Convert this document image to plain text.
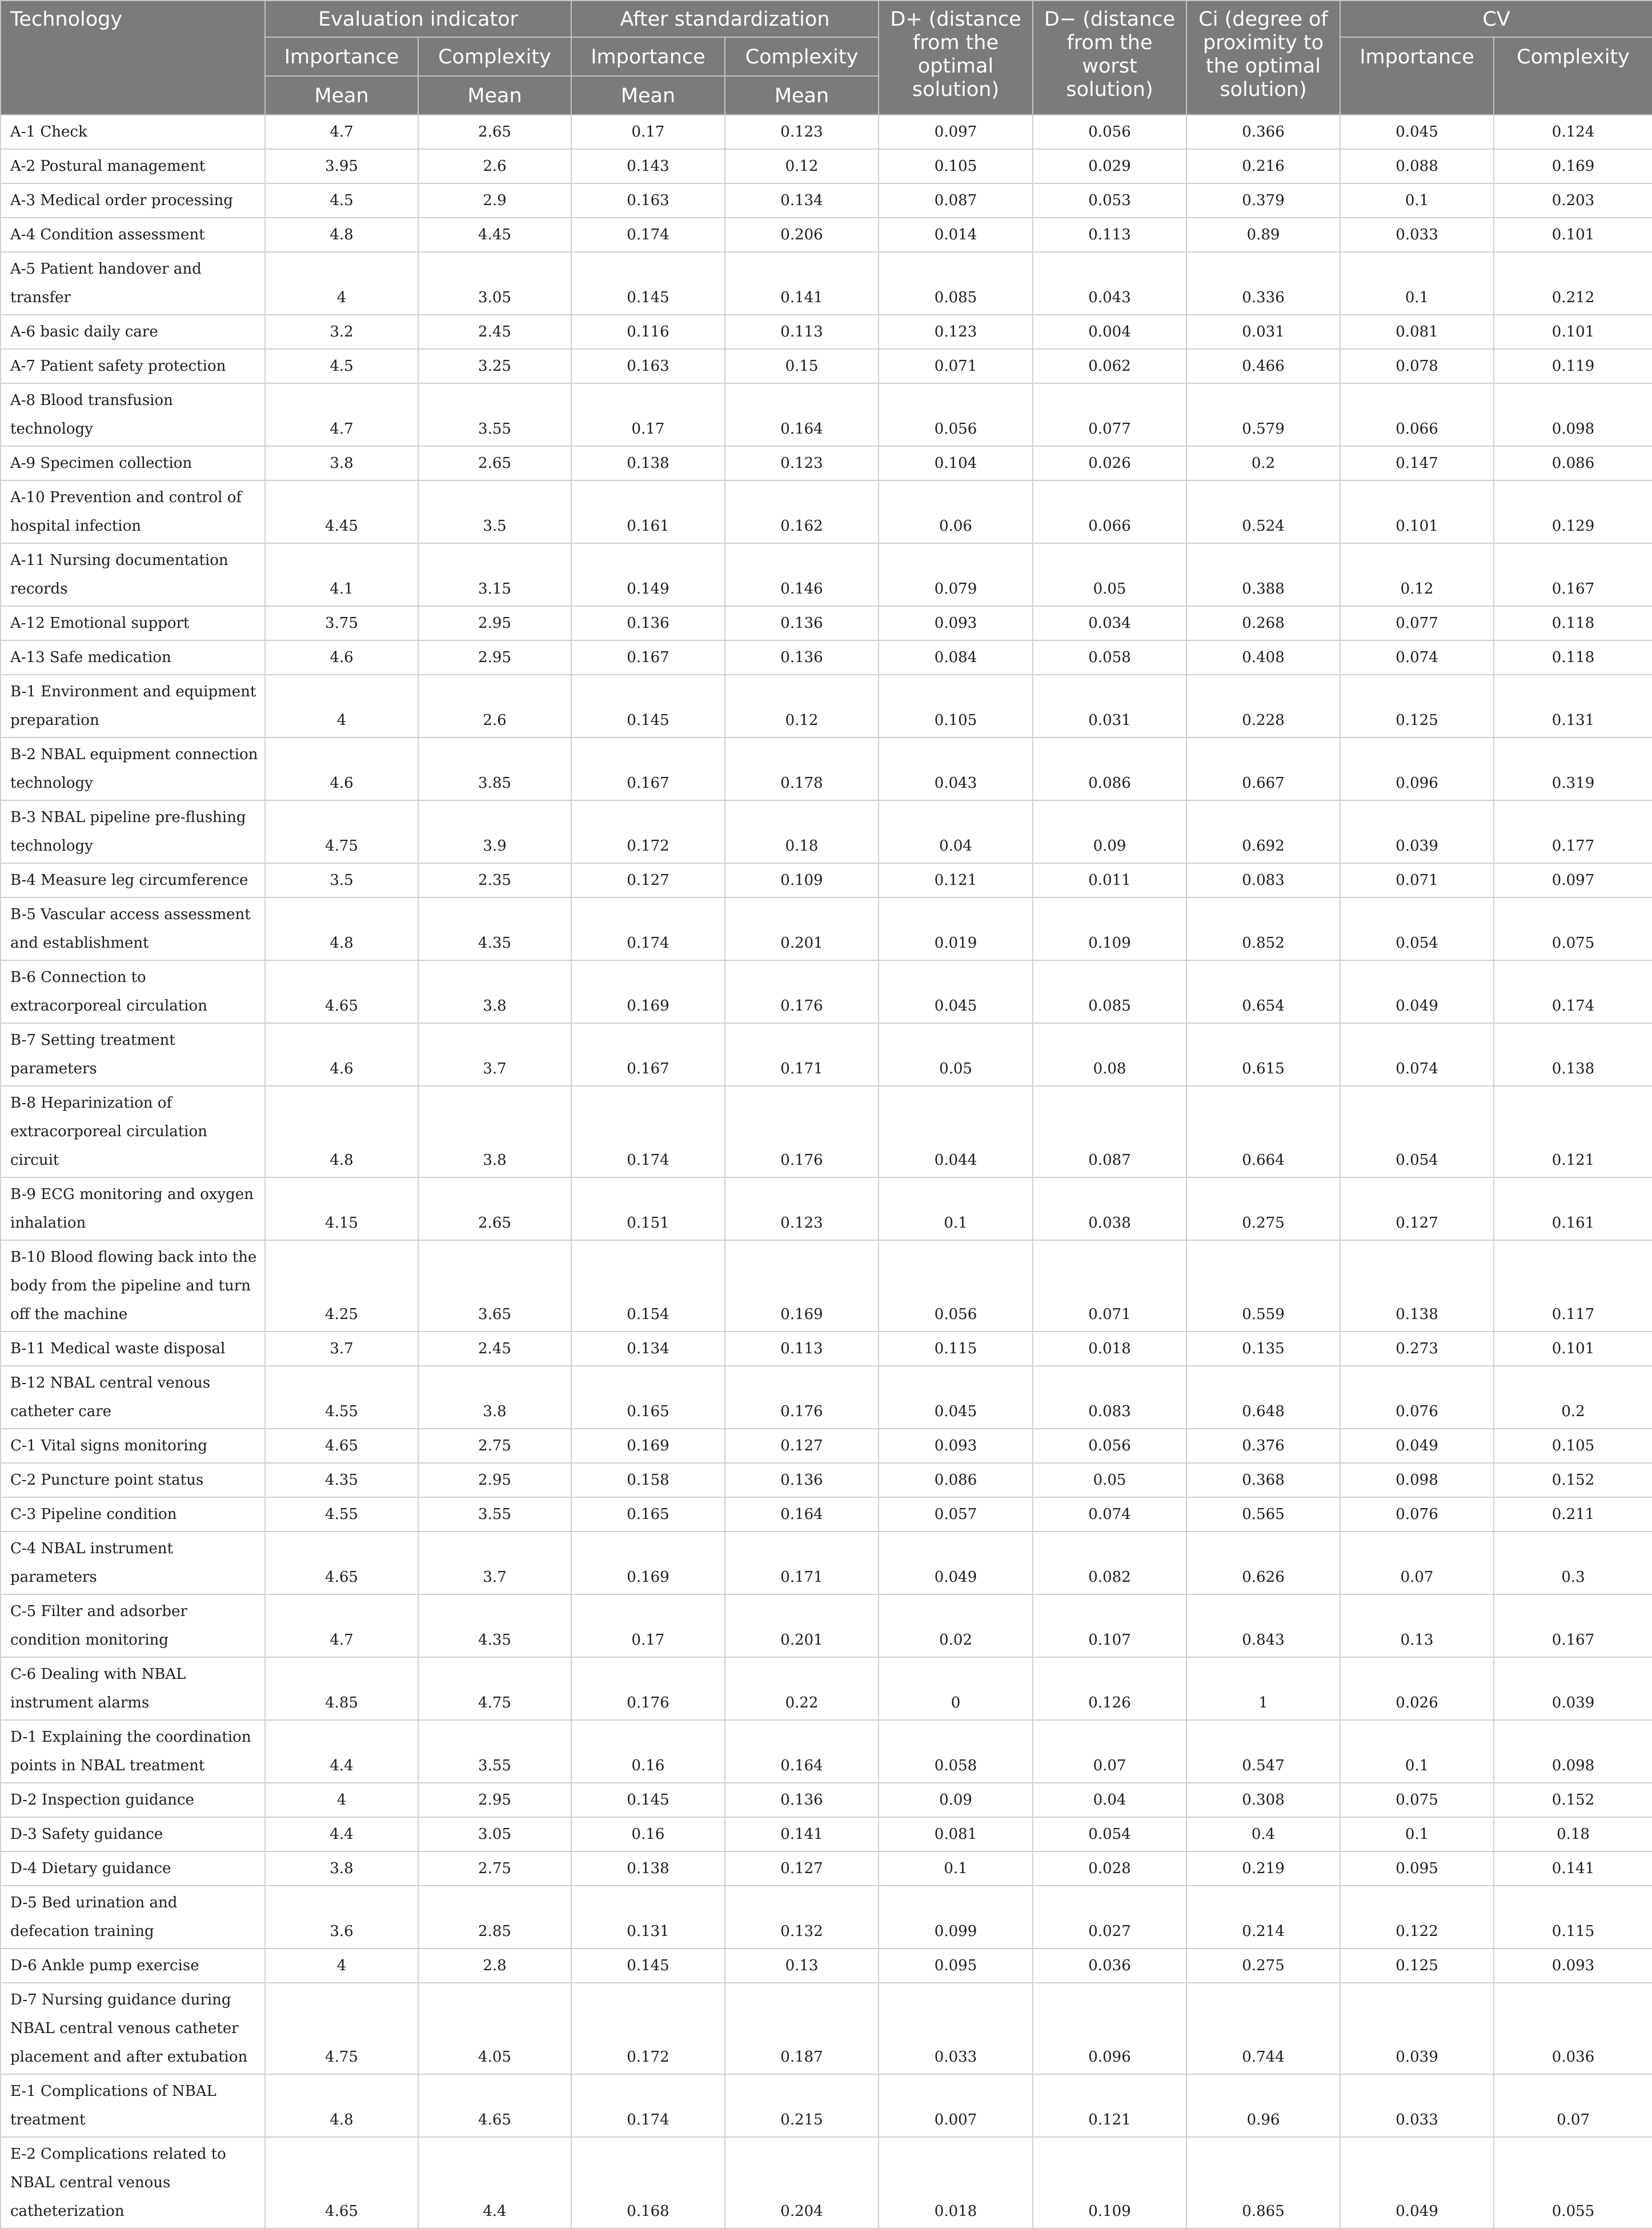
Technology	Evaluation indicator		After standardization		D+ (distance from the optimal solution)	D− (distance from the worst solution)	Ci (degree of proximity to the optimal solution)	CV	
	Importance	Complexity	Importance	Complexity				Importance	Complexity
	Mean	Mean	Mean	Mean					
A-1 Check	4.7	2.65	0.17	0.123	0.097	0.056	0.366	0.045	0.124
A-2 Postural management	3.95	2.6	0.143	0.12	0.105	0.029	0.216	0.088	0.169
A-3 Medical order processing	4.5	2.9	0.163	0.134	0.087	0.053	0.379	0.1	0.203
A-4 Condition assessment	4.8	4.45	0.174	0.206	0.014	0.113	0.89	0.033	0.101
A-5 Patient handover and transfer	4	3.05	0.145	0.141	0.085	0.043	0.336	0.1	0.212
A-6 basic daily care	3.2	2.45	0.116	0.113	0.123	0.004	0.031	0.081	0.101
A-7 Patient safety protection	4.5	3.25	0.163	0.15	0.071	0.062	0.466	0.078	0.119
A-8 Blood transfusion technology	4.7	3.55	0.17	0.164	0.056	0.077	0.579	0.066	0.098
A-9 Specimen collection	3.8	2.65	0.138	0.123	0.104	0.026	0.2	0.147	0.086
A-10 Prevention and control of hospital infection	4.45	3.5	0.161	0.162	0.06	0.066	0.524	0.101	0.129
A-11 Nursing documentation records	4.1	3.15	0.149	0.146	0.079	0.05	0.388	0.12	0.167
A-12 Emotional support	3.75	2.95	0.136	0.136	0.093	0.034	0.268	0.077	0.118
A-13 Safe medication	4.6	2.95	0.167	0.136	0.084	0.058	0.408	0.074	0.118
B-1 Environment and equipment preparation	4	2.6	0.145	0.12	0.105	0.031	0.228	0.125	0.131
B-2 NBAL equipment connection technology	4.6	3.85	0.167	0.178	0.043	0.086	0.667	0.096	0.319
B-3 NBAL pipeline pre-flushing technology	4.75	3.9	0.172	0.18	0.04	0.09	0.692	0.039	0.177
B-4 Measure leg circumference	3.5	2.35	0.127	0.109	0.121	0.011	0.083	0.071	0.097
B-5 Vascular access assessment and establishment	4.8	4.35	0.174	0.201	0.019	0.109	0.852	0.054	0.075
B-6 Connection to extracorporeal circulation	4.65	3.8	0.169	0.176	0.045	0.085	0.654	0.049	0.174
B-7 Setting treatment parameters	4.6	3.7	0.167	0.171	0.05	0.08	0.615	0.074	0.138
B-8 Heparinization of extracorporeal circulation circuit	4.8	3.8	0.174	0.176	0.044	0.087	0.664	0.054	0.121
B-9 ECG monitoring and oxygen inhalation	4.15	2.65	0.151	0.123	0.1	0.038	0.275	0.127	0.161
B-10 Blood flowing back into the body from the pipeline and turn off the machine	4.25	3.65	0.154	0.169	0.056	0.071	0.559	0.138	0.117
B-11 Medical waste disposal	3.7	2.45	0.134	0.113	0.115	0.018	0.135	0.273	0.101
B-12 NBAL central venous catheter care	4.55	3.8	0.165	0.176	0.045	0.083	0.648	0.076	0.2
C-1 Vital signs monitoring	4.65	2.75	0.169	0.127	0.093	0.056	0.376	0.049	0.105
C-2 Puncture point status	4.35	2.95	0.158	0.136	0.086	0.05	0.368	0.098	0.152
C-3 Pipeline condition	4.55	3.55	0.165	0.164	0.057	0.074	0.565	0.076	0.211
C-4 NBAL instrument parameters	4.65	3.7	0.169	0.171	0.049	0.082	0.626	0.07	0.3
C-5 Filter and adsorber condition monitoring	4.7	4.35	0.17	0.201	0.02	0.107	0.843	0.13	0.167
C-6 Dealing with NBAL instrument alarms	4.85	4.75	0.176	0.22	0	0.126	1	0.026	0.039
D-1 Explaining the coordination points in NBAL treatment	4.4	3.55	0.16	0.164	0.058	0.07	0.547	0.1	0.098
D-2 Inspection guidance	4	2.95	0.145	0.136	0.09	0.04	0.308	0.075	0.152
D-3 Safety guidance	4.4	3.05	0.16	0.141	0.081	0.054	0.4	0.1	0.18
D-4 Dietary guidance	3.8	2.75	0.138	0.127	0.1	0.028	0.219	0.095	0.141
D-5 Bed urination and defecation training	3.6	2.85	0.131	0.132	0.099	0.027	0.214	0.122	0.115
D-6 Ankle pump exercise	4	2.8	0.145	0.13	0.095	0.036	0.275	0.125	0.093
D-7 Nursing guidance during NBAL central venous catheter placement and after extubation	4.75	4.05	0.172	0.187	0.033	0.096	0.744	0.039	0.036
E-1 Complications of NBAL treatment	4.8	4.65	0.174	0.215	0.007	0.121	0.96	0.033	0.07
E-2 Complications related to NBAL central venous catheterization	4.65	4.4	0.168	0.204	0.018	0.109	0.865	0.049	0.055
